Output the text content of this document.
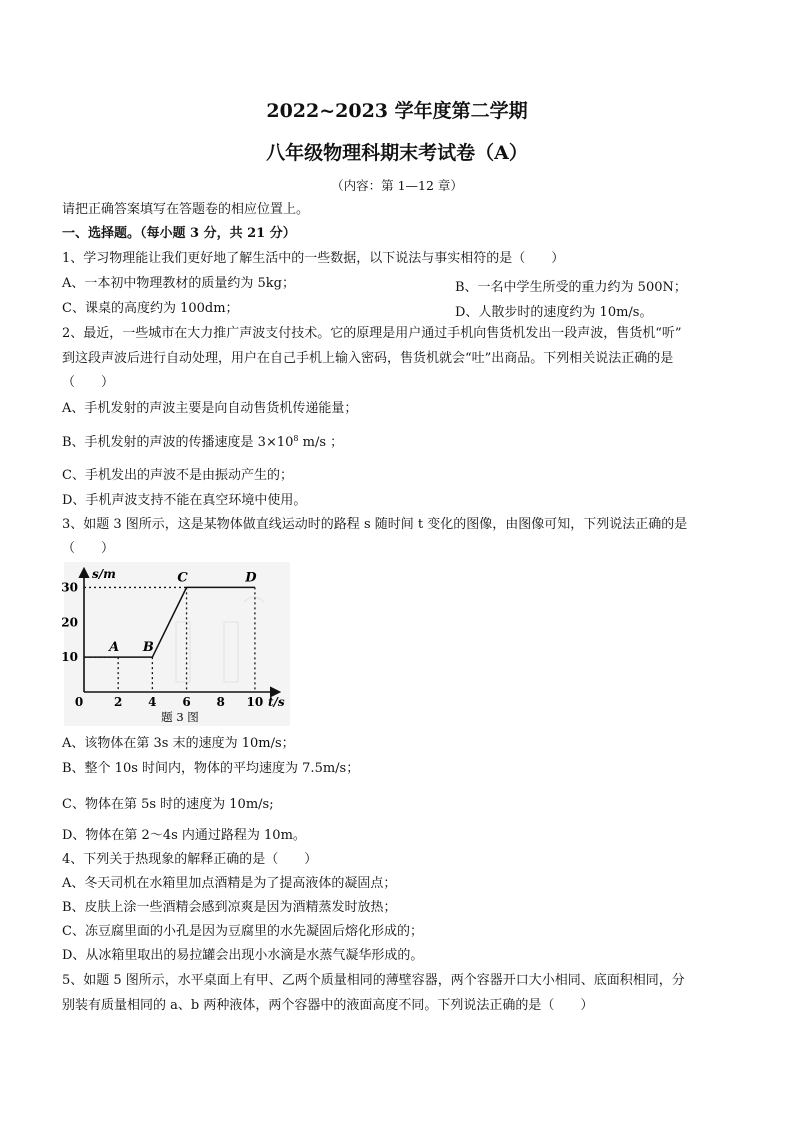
2022~2023 学年度第二学期
八年级物理科期末考试卷（A）
（内容：第 1—12 章）
请把正确答案填写在答题卷的相应位置上。
一、选择题。（每小题 3 分，共 21 分）
1、学习物理能让我们更好地了解生活中的一些数据，以下说法与事实相符的是（　　）
A、一本初中物理教材的质量约为 5kg；	B、一名中学生所受的重力约为 500N；
C、课桌的高度约为 100dm；	D、人散步时的速度约为 10m/s。
2、最近，一些城市在大力推广声波支付技术。它的原理是用户通过手机向售货机发出一段声波，售货机“听”
到这段声波后进行自动处理，用户在自己手机上输入密码，售货机就会“吐”出商品。下列相关说法正确的是
（　　）
A、手机发射的声波主要是向自动售货机传递能量；
B、手机发射的声波的传播速度是 $3\times 10^8$ m/s ；
C、手机发出的声波不是由振动产生的；
D、手机声波支持不能在真空环境中使用。
3、如题 3 图所示，这是某物体做直线运动时的路程 s 随时间 t 变化的图像，由图像可知，下列说法正确的是
（　　）
2 4 6 8 10
10
20
30
A B
C	D
0
s/m
t/s
题 3 图
A、该物体在第 3s 末的速度为 10m/s；
B、整个 10s 时间内，物体的平均速度为 7.5m/s；
C、物体在第 5s 时的速度为 10m/s;
D、物体在第 2～4s 内通过路程为 10m。
4、下列关于热现象的解释正确的是（　　）
A、冬天司机在水箱里加点酒精是为了提高液体的凝固点；
B、皮肤上涂一些酒精会感到凉爽是因为酒精蒸发时放热；
C、冻豆腐里面的小孔是因为豆腐里的水先凝固后熔化形成的；
D、从冰箱里取出的易拉罐会出现小水滴是水蒸气凝华形成的。
5、如题 5 图所示，水平桌面上有甲、乙两个质量相同的薄壁容器，两个容器开口大小相同、底面积相同，分
别装有质量相同的 a、b 两种液体，两个容器中的液面高度不同。下列说法正确的是（　　）
